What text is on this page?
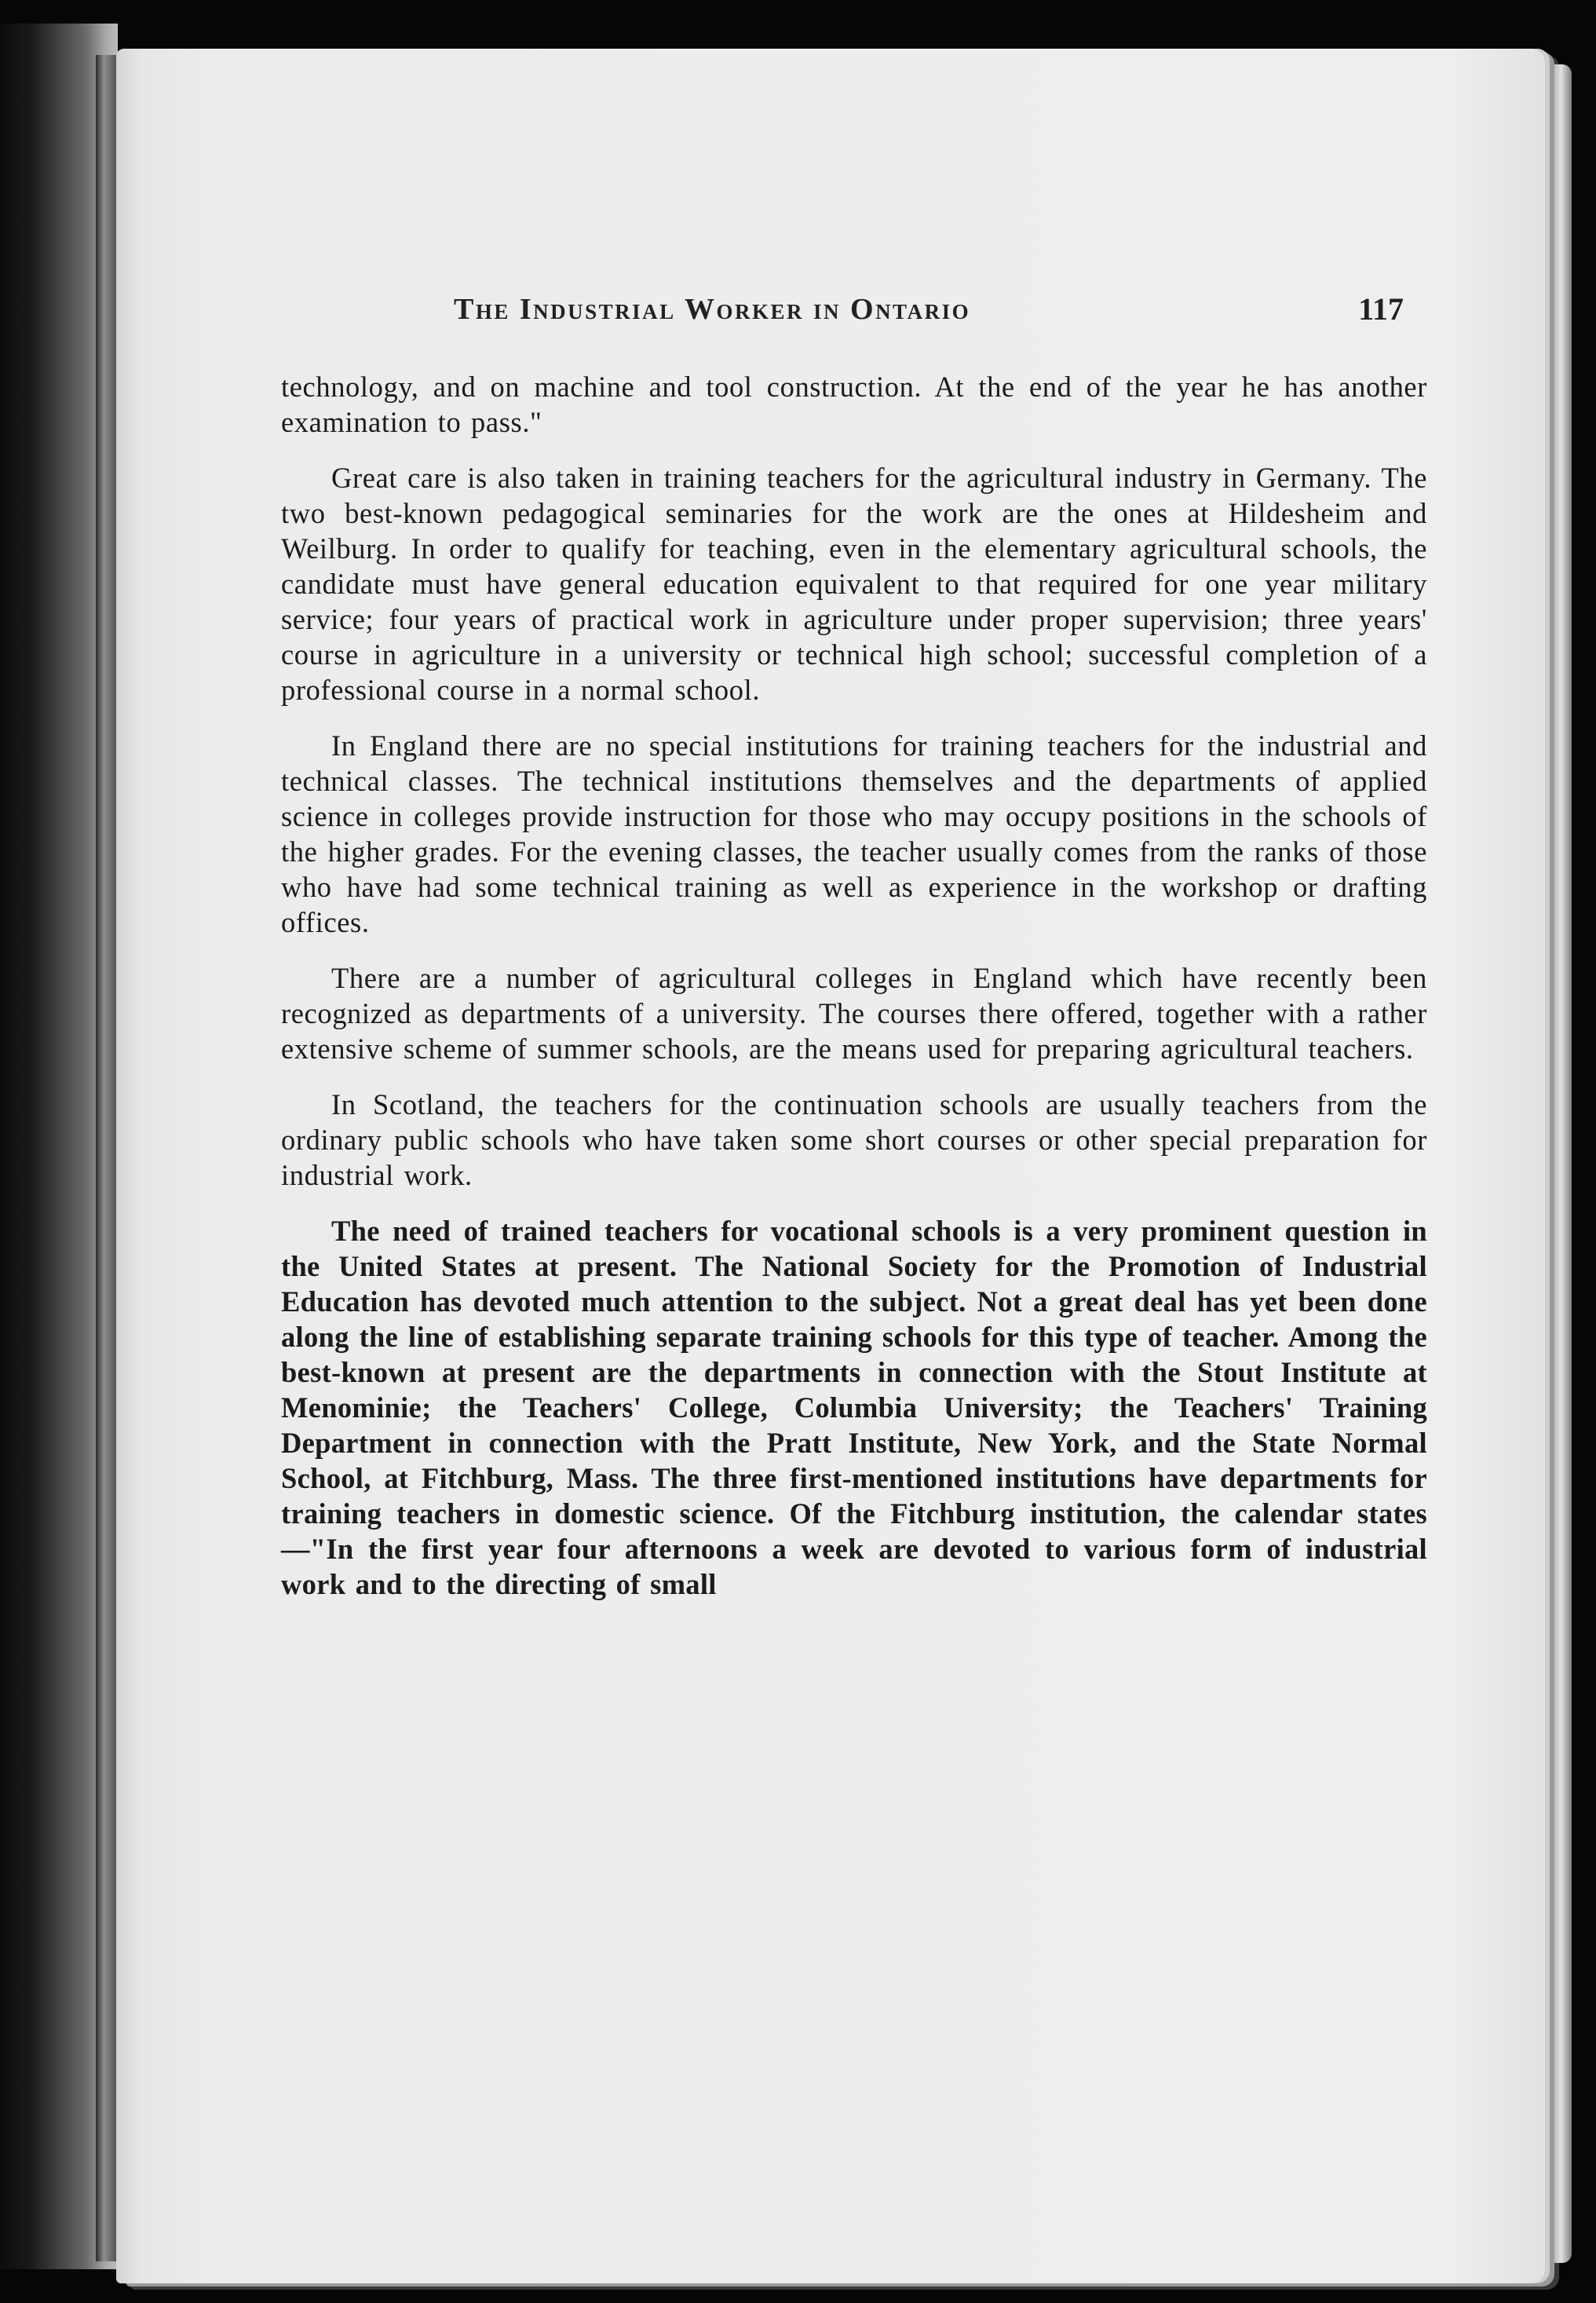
The Industrial Worker in Ontario	117

technology, and on machine and tool construction. At the end of the year he has another examination to pass."

Great care is also taken in training teachers for the agricultural industry in Germany. The two best-known pedagogical seminaries for the work are the ones at Hildesheim and Weilburg. In order to qualify for teaching, even in the elementary agricultural schools, the candidate must have general education equivalent to that required for one year military service; four years of practical work in agriculture under proper supervision; three years' course in agriculture in a university or technical high school; successful completion of a professional course in a normal school.

In England there are no special institutions for training teachers for the industrial and technical classes. The technical institutions themselves and the departments of applied science in colleges provide instruction for those who may occupy positions in the schools of the higher grades. For the evening classes, the teacher usually comes from the ranks of those who have had some technical training as well as experience in the workshop or drafting offices.

There are a number of agricultural colleges in England which have recently been recognized as departments of a university. The courses there offered, together with a rather extensive scheme of summer schools, are the means used for preparing agricultural teachers.

In Scotland, the teachers for the continuation schools are usually teachers from the ordinary public schools who have taken some short courses or other special preparation for industrial work.

The need of trained teachers for vocational schools is a very prominent question in the United States at present. The National Society for the Promotion of Industrial Education has devoted much attention to the subject. Not a great deal has yet been done along the line of establishing separate training schools for this type of teacher. Among the best-known at present are the departments in connection with the Stout Institute at Menominie; the Teachers' College, Columbia University; the Teachers' Training Department in connection with the Pratt Institute, New York, and the State Normal School, at Fitchburg, Mass. The three first-mentioned institutions have departments for training teachers in domestic science. Of the Fitchburg institution, the calendar states—"In the first year four afternoons a week are devoted to various form of industrial work and to the directing of small
